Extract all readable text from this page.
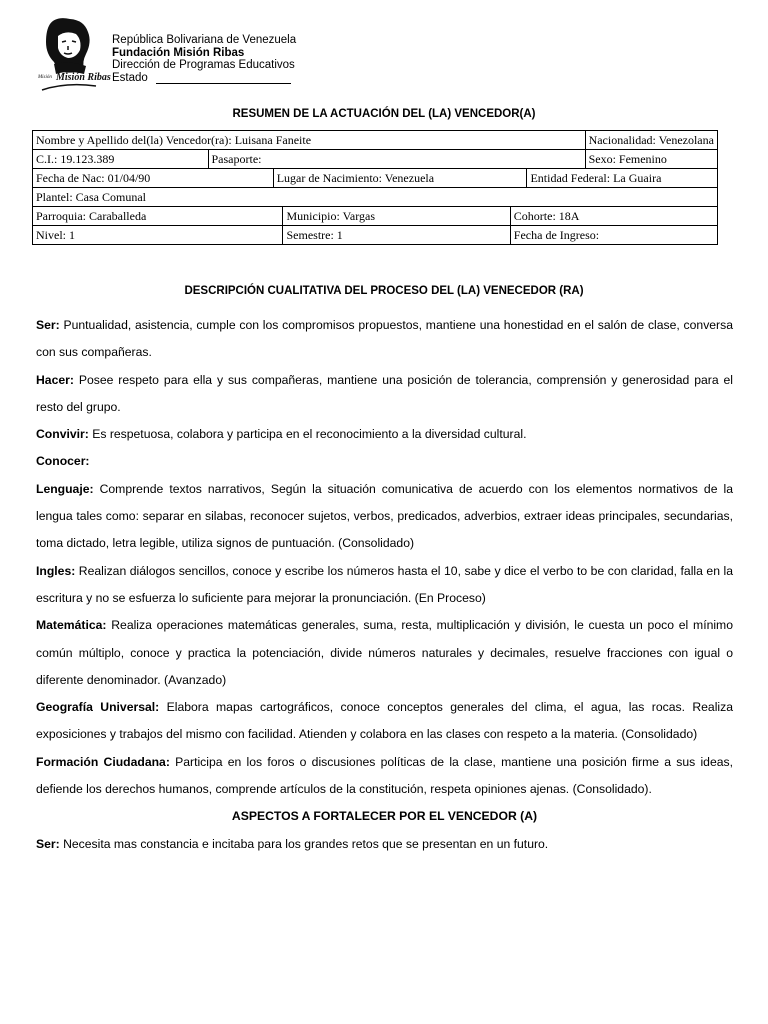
Misión Misión Ribas
República Bolivariana de Venezuela
Fundación Misión Ribas
Dirección de Programas Educativos
Estado
RESUMEN DE LA ACTUACIÓN DEL (LA) VENCEDOR(A)
Nombre y Apellido del(la) Vencedor(ra): Luisana Faneite						Nacionalidad: Venezolana
C.I.: 19.123.389	Pasaporte:					Sexo: Femenino
Fecha de Nac: 01/04/90		Lugar de Nacimiento: Venezuela			Entidad Federal: La Guaira	
Plantel: Casa Comunal						
Parroquia: Caraballeda			Municipio: Vargas	Cohorte: 18A		
Nivel: 1			Semestre: 1	Fecha de Ingreso:		
DESCRIPCIÓN CUALITATIVA DEL PROCESO DEL (LA) VENECEDOR (RA)

Ser: Puntualidad, asistencia, cumple con los compromisos propuestos, mantiene una honestidad en el salón de clase, conversa con sus compañeras.

Hacer: Posee respeto para ella y sus compañeras, mantiene una posición de tolerancia, comprensión y generosidad para el resto del grupo.

Convivir: Es respetuosa, colabora y participa en el reconocimiento a la diversidad cultural.

Conocer:

Lenguaje: Comprende textos narrativos, Según la situación comunicativa de acuerdo con los elementos normativos de la lengua tales como: separar en silabas, reconocer sujetos, verbos, predicados, adverbios, extraer ideas principales, secundarias, toma dictado, letra legible, utiliza signos de puntuación. (Consolidado)

Ingles: Realizan diálogos sencillos, conoce y escribe los números hasta el 10, sabe y dice el verbo to be con claridad, falla en la escritura y no se esfuerza lo suficiente para mejorar la pronunciación. (En Proceso)

Matemática: Realiza operaciones matemáticas generales, suma, resta, multiplicación y división, le cuesta un poco el mínimo común múltiplo, conoce y practica la potenciación, divide números naturales y decimales, resuelve fracciones con igual o diferente denominador. (Avanzado)

Geografía Universal: Elabora mapas cartográficos, conoce conceptos generales del clima, el agua, las rocas. Realiza exposiciones y trabajos del mismo con facilidad. Atienden y colabora en las clases con respeto a la materia. (Consolidado)

Formación Ciudadana: Participa en los foros o discusiones políticas de la clase, mantiene una posición firme a sus ideas, defiende los derechos humanos, comprende artículos de la constitución, respeta opiniones ajenas. (Consolidado).

ASPECTOS A FORTALECER POR EL VENCEDOR (A)

Ser: Necesita mas constancia e incitaba para los grandes retos que se presentan en un futuro.
